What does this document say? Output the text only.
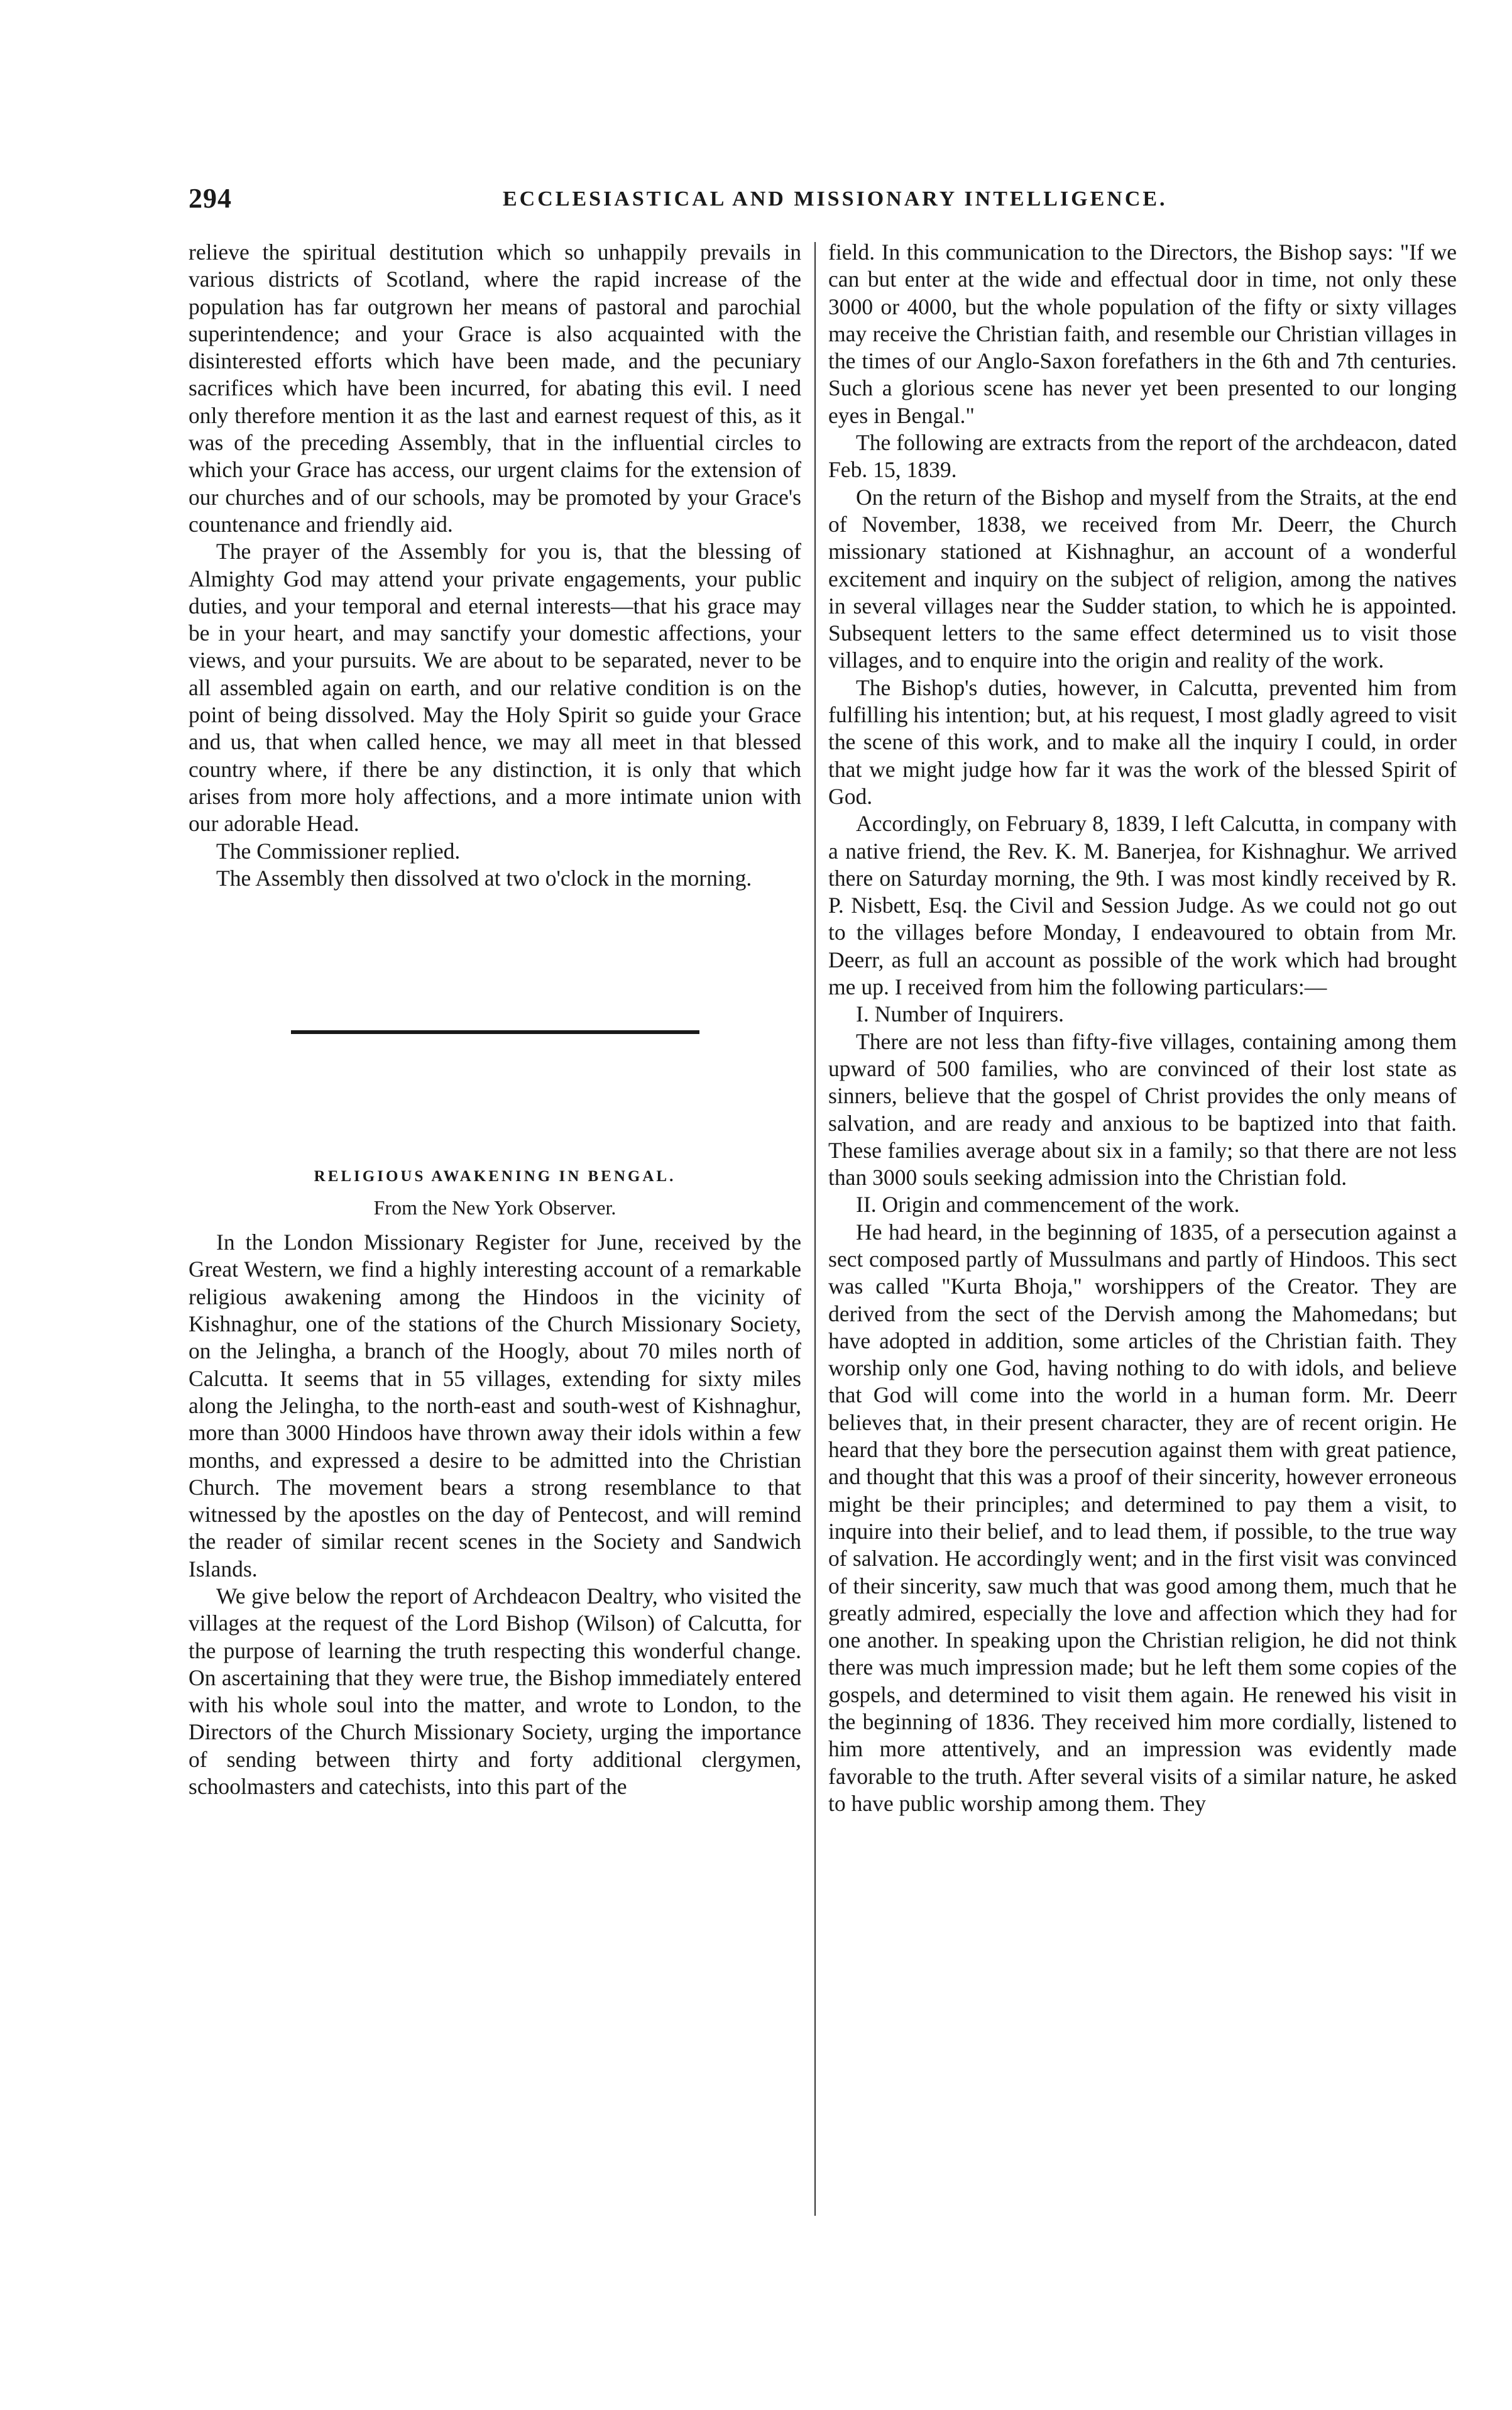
294	ECCLESIASTICAL AND MISSIONARY INTELLIGENCE.

relieve the spiritual destitution which so unhappily prevails in various districts of Scotland, where the rapid increase of the population has far outgrown her means of pastoral and parochial superintendence; and your Grace is also acquainted with the disinterested efforts which have been made, and the pecuniary sacrifices which have been incurred, for abating this evil. I need only therefore mention it as the last and earnest request of this, as it was of the preceding Assembly, that in the influential circles to which your Grace has access, our urgent claims for the extension of our churches and of our schools, may be promoted by your Grace's countenance and friendly aid.

The prayer of the Assembly for you is, that the blessing of Almighty God may attend your private engagements, your public duties, and your temporal and eternal interests—that his grace may be in your heart, and may sanctify your domestic affections, your views, and your pursuits. We are about to be separated, never to be all assembled again on earth, and our relative condition is on the point of being dissolved. May the Holy Spirit so guide your Grace and us, that when called hence, we may all meet in that blessed country where, if there be any distinction, it is only that which arises from more holy affections, and a more intimate union with our adorable Head.

The Commissioner replied.

The Assembly then dissolved at two o'clock in the morning.

RELIGIOUS AWAKENING IN BENGAL.
From the New York Observer.

In the London Missionary Register for June, received by the Great Western, we find a highly interesting account of a remarkable religious awakening among the Hindoos in the vicinity of Kishnaghur, one of the stations of the Church Missionary Society, on the Jelingha, a branch of the Hoogly, about 70 miles north of Calcutta. It seems that in 55 villages, extending for sixty miles along the Jelingha, to the north-east and south-west of Kishnaghur, more than 3000 Hindoos have thrown away their idols within a few months, and expressed a desire to be admitted into the Christian Church. The movement bears a strong resemblance to that witnessed by the apostles on the day of Pentecost, and will remind the reader of similar recent scenes in the Society and Sandwich Islands.

We give below the report of Archdeacon Dealtry, who visited the villages at the request of the Lord Bishop (Wilson) of Calcutta, for the purpose of learning the truth respecting this wonderful change. On ascertaining that they were true, the Bishop immediately entered with his whole soul into the matter, and wrote to London, to the Directors of the Church Missionary Society, urging the importance of sending between thirty and forty additional clergymen, schoolmasters and catechists, into this part of the

field. In this communication to the Directors, the Bishop says: "If we can but enter at the wide and effectual door in time, not only these 3000 or 4000, but the whole population of the fifty or sixty villages may receive the Christian faith, and resemble our Christian villages in the times of our Anglo-Saxon forefathers in the 6th and 7th centuries. Such a glorious scene has never yet been presented to our longing eyes in Bengal."

The following are extracts from the report of the archdeacon, dated Feb. 15, 1839.

On the return of the Bishop and myself from the Straits, at the end of November, 1838, we received from Mr. Deerr, the Church missionary stationed at Kishnaghur, an account of a wonderful excitement and inquiry on the subject of religion, among the natives in several villages near the Sudder station, to which he is appointed. Subsequent letters to the same effect determined us to visit those villages, and to enquire into the origin and reality of the work.

The Bishop's duties, however, in Calcutta, prevented him from fulfilling his intention; but, at his request, I most gladly agreed to visit the scene of this work, and to make all the inquiry I could, in order that we might judge how far it was the work of the blessed Spirit of God.

Accordingly, on February 8, 1839, I left Calcutta, in company with a native friend, the Rev. K. M. Banerjea, for Kishnaghur. We arrived there on Saturday morning, the 9th. I was most kindly received by R. P. Nisbett, Esq. the Civil and Session Judge. As we could not go out to the villages before Monday, I endeavoured to obtain from Mr. Deerr, as full an account as possible of the work which had brought me up. I received from him the following particulars:—

I. Number of Inquirers.

There are not less than fifty-five villages, containing among them upward of 500 families, who are convinced of their lost state as sinners, believe that the gospel of Christ provides the only means of salvation, and are ready and anxious to be baptized into that faith. These families average about six in a family; so that there are not less than 3000 souls seeking admission into the Christian fold.

II. Origin and commencement of the work.

He had heard, in the beginning of 1835, of a persecution against a sect composed partly of Mussulmans and partly of Hindoos. This sect was called "Kurta Bhoja," worshippers of the Creator. They are derived from the sect of the Dervish among the Mahomedans; but have adopted in addition, some articles of the Christian faith. They worship only one God, having nothing to do with idols, and believe that God will come into the world in a human form. Mr. Deerr believes that, in their present character, they are of recent origin. He heard that they bore the persecution against them with great patience, and thought that this was a proof of their sincerity, however erroneous might be their principles; and determined to pay them a visit, to inquire into their belief, and to lead them, if possible, to the true way of salvation. He accordingly went; and in the first visit was convinced of their sincerity, saw much that was good among them, much that he greatly admired, especially the love and affection which they had for one another. In speaking upon the Christian religion, he did not think there was much impression made; but he left them some copies of the gospels, and determined to visit them again. He renewed his visit in the beginning of 1836. They received him more cordially, listened to him more attentively, and an impression was evidently made favorable to the truth. After several visits of a similar nature, he asked to have public worship among them. They
